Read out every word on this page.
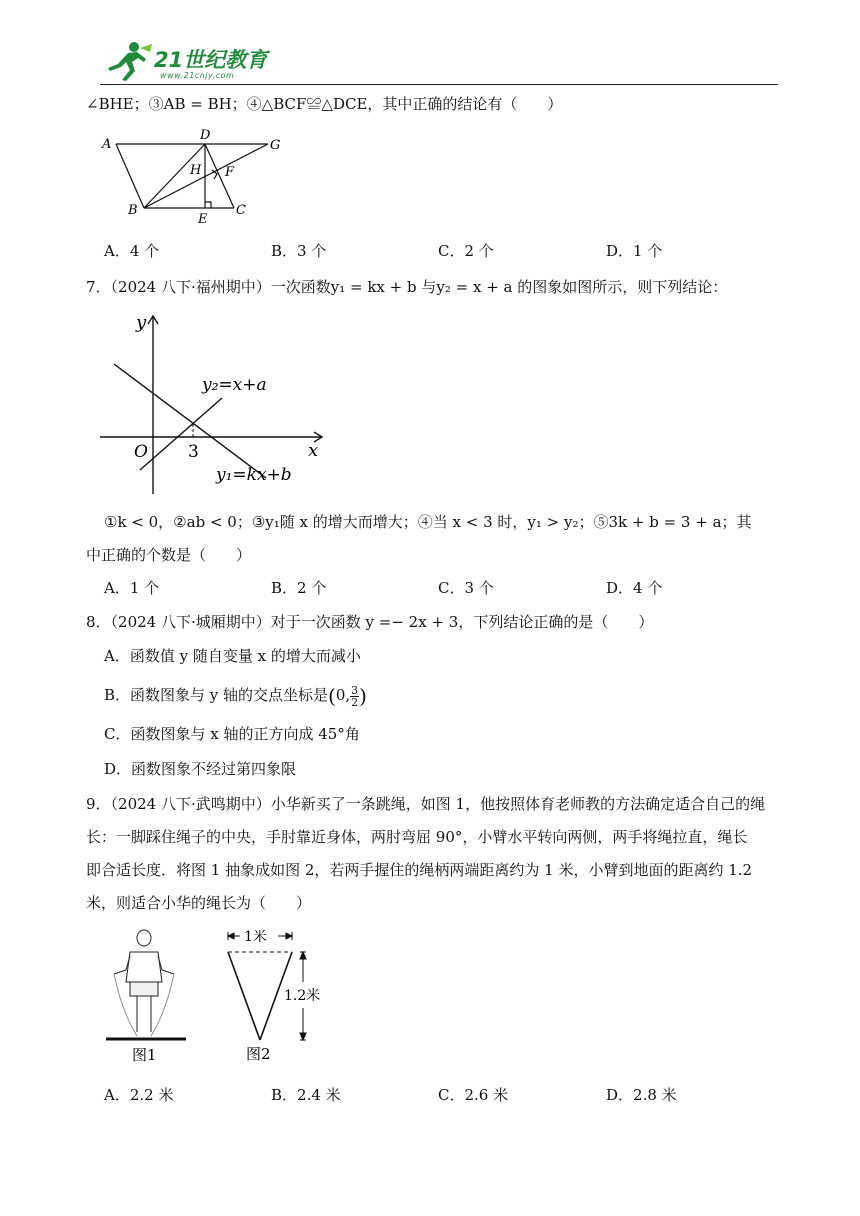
21世纪教育
www.21cnjy.com
∠BHE；③AB = BH；④△BCF≌△DCE，其中正确的结论有（　　）
A
D
G
H F
B
E
C
A．4 个	B．3 个	C．2 个	D．1 个
7．（2024 八下·福州期中）一次函数y₁ = kx + b 与y₂ = x + a 的图象如图所示，则下列结论：
y
x
O 3
y₂=x+a
y₁=kx+b
①k < 0，②ab < 0；③y₁随 x 的增大而增大；④当 x < 3 时，y₁ > y₂；⑤3k + b = 3 + a；其
中正确的个数是（　　）
A．1 个	B．2 个	C．3 个	D．4 个
8．（2024 八下·城厢期中）对于一次函数 y =− 2x + 3，下列结论正确的是（　　）
A．函数值 y 随自变量 x 的增大而减小
B．函数图象与 y 轴的交点坐标是(0, $\frac{3}{2}$ )
C．函数图象与 x 轴的正方向成 45°角
D．函数图象不经过第四象限
9．（2024 八下·武鸣期中）小华新买了一条跳绳，如图 1，他按照体育老师教的方法确定适合自己的绳
长：一脚踩住绳子的中央，手肘靠近身体，两肘弯屈 90°，小臂水平转向两侧，两手将绳拉直，绳长
即合适长度．将图 1 抽象成如图 2，若两手握住的绳柄两端距离约为 1 米，小臂到地面的距离约 1.2
米，则适合小华的绳长为（　　）
图1
1米
1.2米
图2
A．2.2 米	B．2.4 米	C．2.6 米	D．2.8 米
